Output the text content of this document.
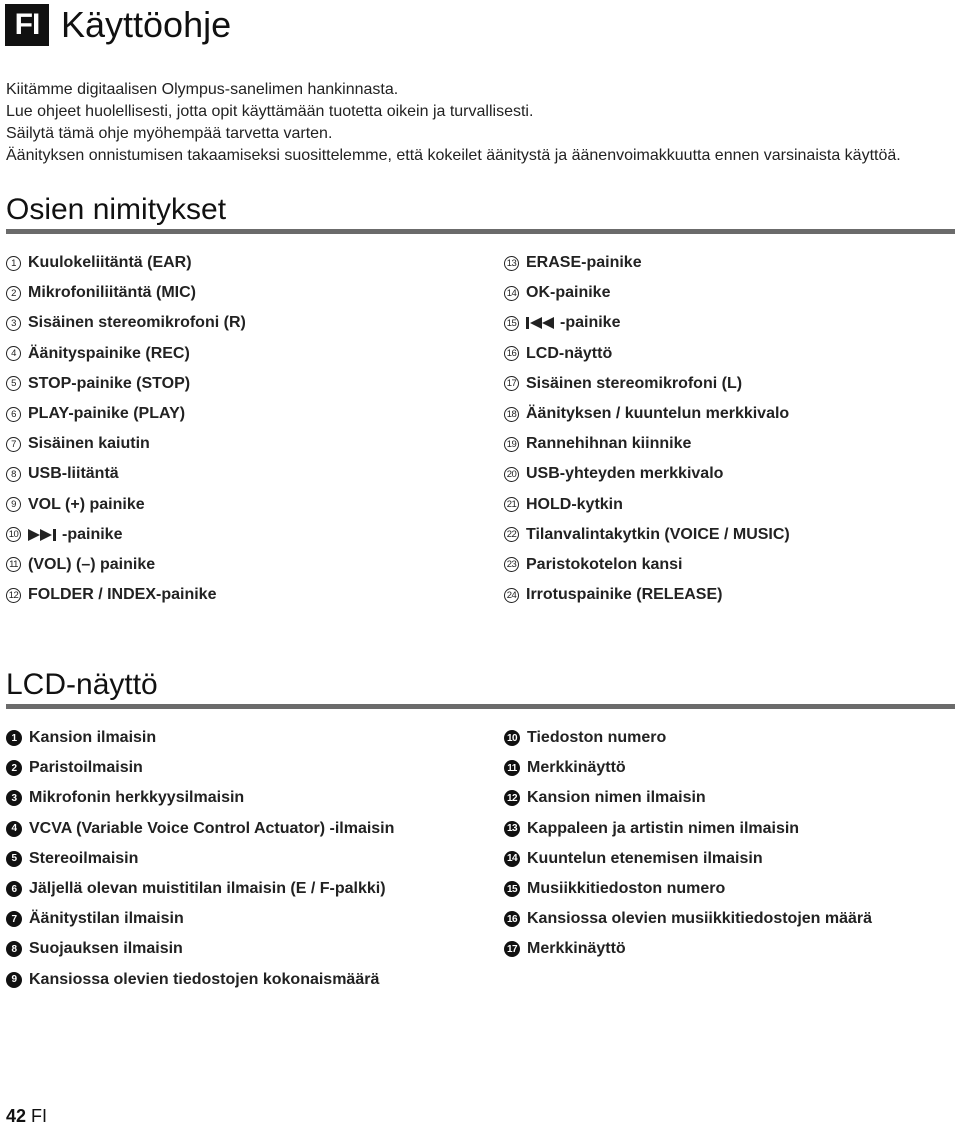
FI Käyttöohje

Kiitämme digitaalisen Olympus-sanelimen hankinnasta.

Lue ohjeet huolellisesti, jotta opit käyttämään tuotetta oikein ja turvallisesti.

Säilytä tämä ohje myöhempää tarvetta varten.

Äänityksen onnistumisen takaamiseksi suosittelemme, että kokeilet äänitystä ja äänenvoimakkuutta ennen varsinaista käyttöä.

Osien nimitykset
1 Kuulokeliitäntä (EAR)
2 Mikrofoniliitäntä (MIC)
3 Sisäinen stereomikrofoni (R)
4 Äänityspainike (REC)
5 STOP-painike (STOP)
6 PLAY-painike (PLAY)
7 Sisäinen kaiutin
8 USB-liitäntä
9 VOL (+) painike
10	-painike
11 (VOL) (–) painike
12 FOLDER / INDEX-painike
13 ERASE-painike
14 OK-painike
15	-painike
16 LCD-näyttö
17 Sisäinen stereomikrofoni (L)
18 Äänityksen / kuuntelun merkkivalo
19 Rannehihnan kiinnike
20 USB-yhteyden merkkivalo
21 HOLD-kytkin
22 Tilanvalintakytkin (VOICE / MUSIC)
23 Paristokotelon kansi
24 Irrotuspainike (RELEASE)
LCD-näyttö
1 Kansion ilmaisin
2 Paristoilmaisin
3 Mikrofonin herkkyysilmaisin
4 VCVA (Variable Voice Control Actuator) -ilmaisin
5 Stereoilmaisin
6 Jäljellä olevan muistitilan ilmaisin (E / F-palkki)
7 Äänitystilan ilmaisin
8 Suojauksen ilmaisin
9 Kansiossa olevien tiedostojen kokonaismäärä
10 Tiedoston numero
11 Merkkinäyttö
12 Kansion nimen ilmaisin
13 Kappaleen ja artistin nimen ilmaisin
14 Kuuntelun etenemisen ilmaisin
15 Musiikkitiedoston numero
16 Kansiossa olevien musiikkitiedostojen määrä
17 Merkkinäyttö
42 FI
